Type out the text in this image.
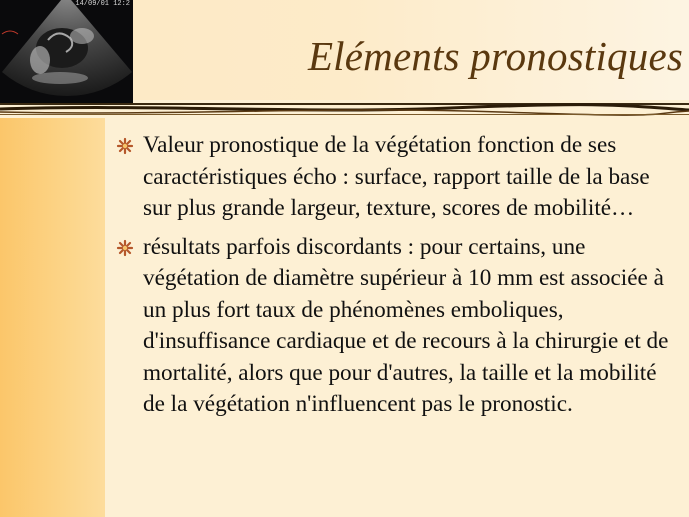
14/09/01 12:2
Eléments pronostiques
Valeur pronostique de la végétation fonction de ses caractéristiques écho : surface, rapport taille de la base sur plus grande largeur, texture, scores de mobilité…
résultats parfois discordants : pour certains, une végétation de diamètre supérieur à 10 mm est associée à un plus fort taux de phénomènes emboliques, d'insuffisance cardiaque et de recours à la chirurgie et de mortalité, alors que pour d'autres, la taille et la mobilité de la végétation n'influencent pas le pronostic.
